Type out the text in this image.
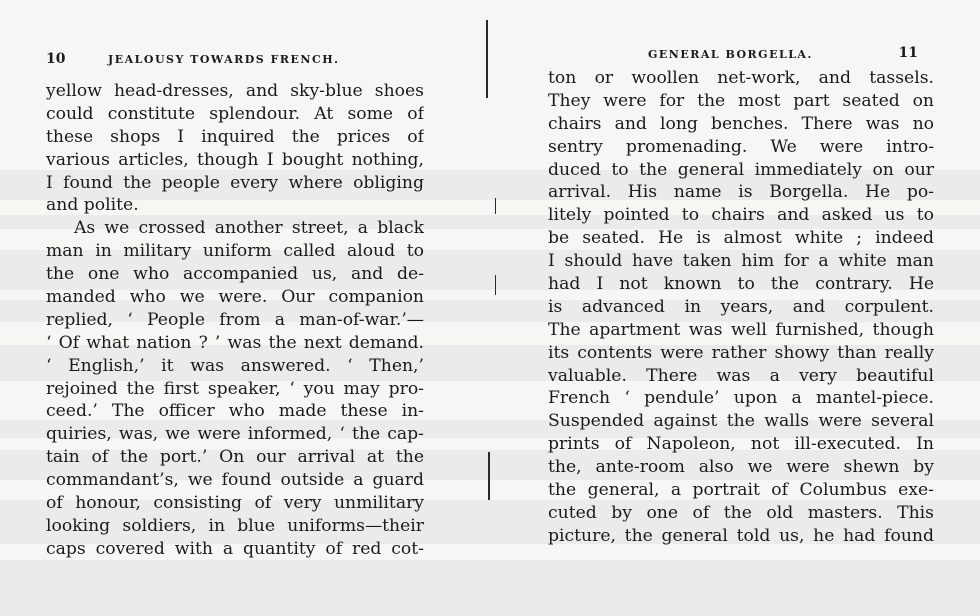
10	JEALOUSY TOWARDS FRENCH.
yellow head-dresses, and sky-blue shoes
could constitute splendour. At some of
these shops I inquired the prices of
various articles, though I bought nothing,
I found the people every where obliging
and polite.
As we crossed another street, a black
man in military uniform called aloud to
the one who accompanied us, and de-
manded who we were. Our companion
replied, ‘ People from a man-of-war.’—
‘ Of what nation ? ’ was the next demand.
‘ English,’ it was answered. ‘ Then,’
rejoined the first speaker, ‘ you may pro-
ceed.’ The officer who made these in-
quiries, was, we were informed, ‘ the cap-
tain of the port.’ On our arrival at the
commandant’s, we found outside a guard
of honour, consisting of very unmilitary
looking soldiers, in blue uniforms—their
caps covered with a quantity of red cot-
GENERAL BORGELLA.	11
ton or woollen net-work, and tassels.
They were for the most part seated on
chairs and long benches. There was no
sentry promenading. We were intro-
duced to the general immediately on our
arrival. His name is Borgella. He po-
litely pointed to chairs and asked us to
be seated. He is almost white ; indeed
I should have taken him for a white man
had I not known to the contrary. He
is advanced in years, and corpulent.
The apartment was well furnished, though
its contents were rather showy than really
valuable. There was a very beautiful
French ‘ pendule’ upon a mantel-piece.
Suspended against the walls were several
prints of Napoleon, not ill-executed. In
the, ante-room also we were shewn by
the general, a portrait of Columbus exe-
cuted by one of the old masters. This
picture, the general told us, he had found
